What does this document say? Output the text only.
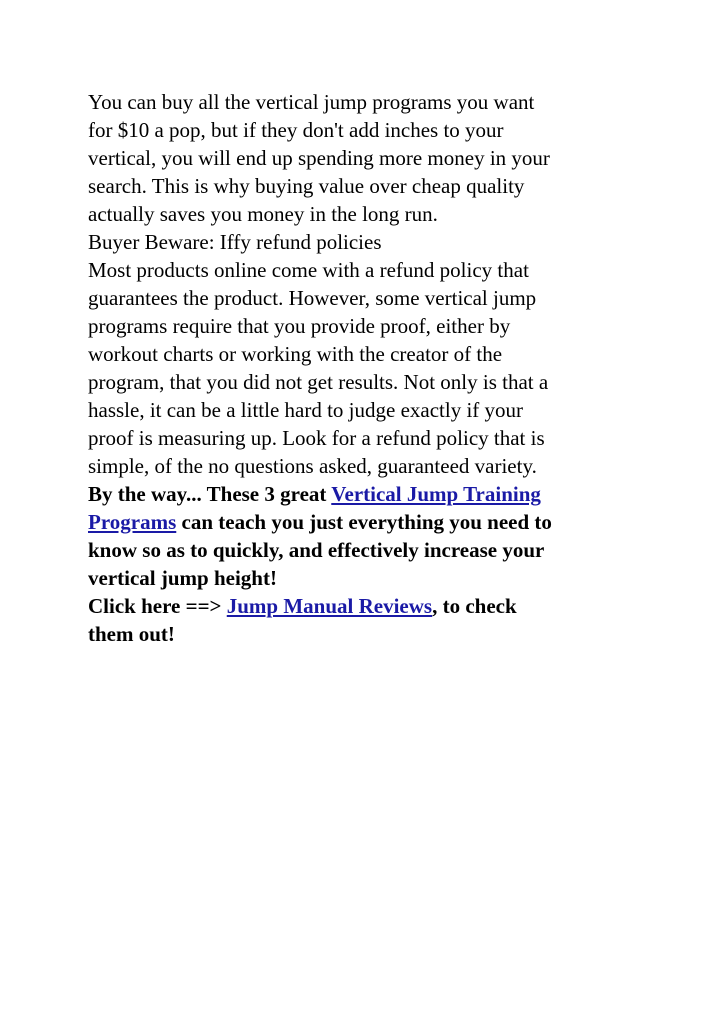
You can buy all the vertical jump programs you want
for $10 a pop, but if they don't add inches to your
vertical, you will end up spending more money in your
search. This is why buying value over cheap quality
actually saves you money in the long run.

Buyer Beware: Iffy refund policies

Most products online come with a refund policy that
guarantees the product. However, some vertical jump
programs require that you provide proof, either by
workout charts or working with the creator of the
program, that you did not get results. Not only is that a
hassle, it can be a little hard to judge exactly if your
proof is measuring up. Look for a refund policy that is
simple, of the no questions asked, guaranteed variety.

By the way... These 3 great Vertical Jump Training
Programs can teach you just everything you need to
know so as to quickly, and effectively increase your
vertical jump height!
Click here ==> Jump Manual Reviews, to check
them out!
